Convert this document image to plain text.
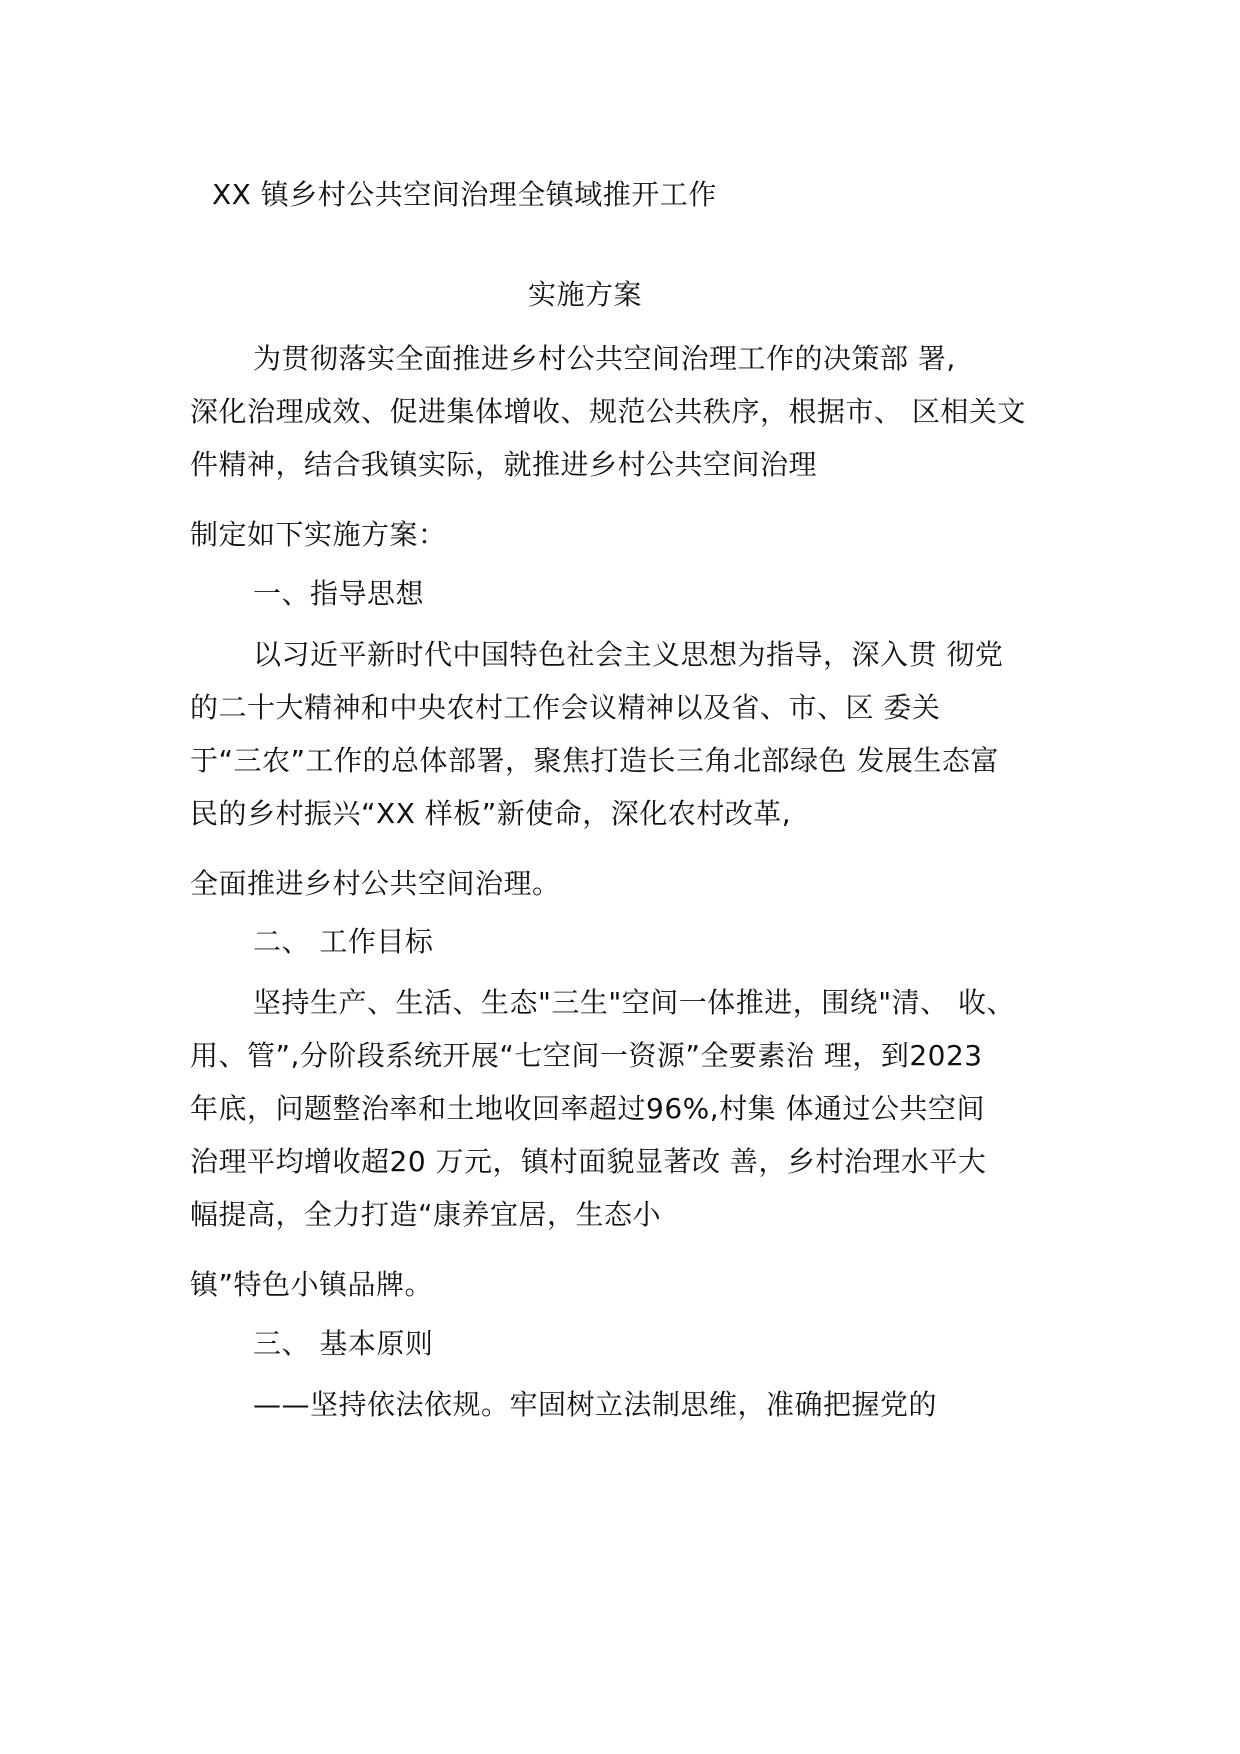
XX 镇乡村公共空间治理全镇域推开工作
实施方案
为贯彻落实全面推进乡村公共空间治理工作的决策部 署,
深化治理成效、促进集体增收、规范公共秩序，根据市、 区相关文
件精神，结合我镇实际，就推进乡村公共空间治理
制定如下实施方案：
一、指导思想
以习近平新时代中国特色社会主义思想为指导，深入贯 彻党
的二十大精神和中央农村工作会议精神以及省、市、区 委关
于“三农”工作的总体部署，聚焦打造长三角北部绿色 发展生态富
民的乡村振兴“XX 样板”新使命，深化农村改革,
全面推进乡村公共空间治理。
二、 工作目标
坚持生产、生活、生态"三生"空间一体推进，围绕"清、 收、
用、管”,分阶段系统开展“七空间一资源”全要素治 理，到2023
年底，问题整治率和土地收回率超过96%,村集 体通过公共空间
治理平均增收超20 万元，镇村面貌显著改 善，乡村治理水平大
幅提高，全力打造“康养宜居，生态小
镇”特色小镇品牌。
三、 基本原则
——坚持依法依规。牢固树立法制思维，准确把握党的
